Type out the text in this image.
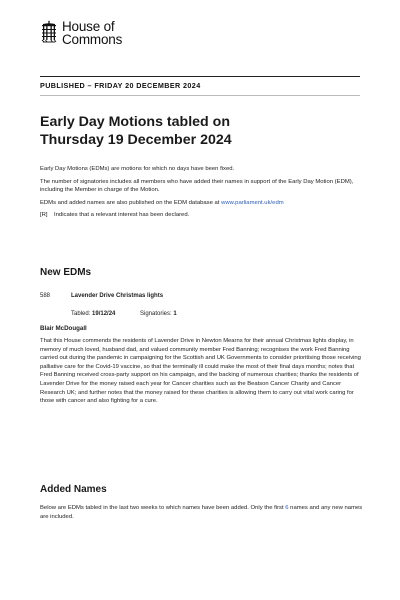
House of
Commons
PUBLISHED – FRIDAY 20 DECEMBER 2024
Early Day Motions tabled on
Thursday 19 December 2024

Early Day Motions (EDMs) are motions for which no days have been fixed.

The number of signatories includes all members who have added their names in support of the Early Day Motion (EDM), including the Member in charge of the Motion.

EDMs and added names are also published on the EDM database at www.parliament.uk/edm

[R] Indicates that a relevant interest has been declared.

New EDMs
588	Lavender Drive Christmas lights
Tabled: 19/12/24	Signatories: 1
Blair McDougall

That this House commends the residents of Lavender Drive in Newton Mearns for their annual Christmas lights display, in memory of much loved, husband dad, and valued community member Fred Banning; recognises the work Fred Banning carried out during the pandemic in campaigning for the Scottish and UK Governments to consider prioritising those receiving palliative care for the Covid-19 vaccine, so that the terminally ill could make the most of their final days months; notes that Fred Banning received cross-party support on his campaign, and the backing of numerous charities; thanks the residents of Lavender Drive for the money raised each year for Cancer charities such as the Beatson Cancer Charity and Cancer Research UK; and further notes that the money raised for these charities is allowing them to carry out vital work caring for those with cancer and also fighting for a cure.

Added Names

Below are EDMs tabled in the last two weeks to which names have been added. Only the first 6 names and any new names are included.
